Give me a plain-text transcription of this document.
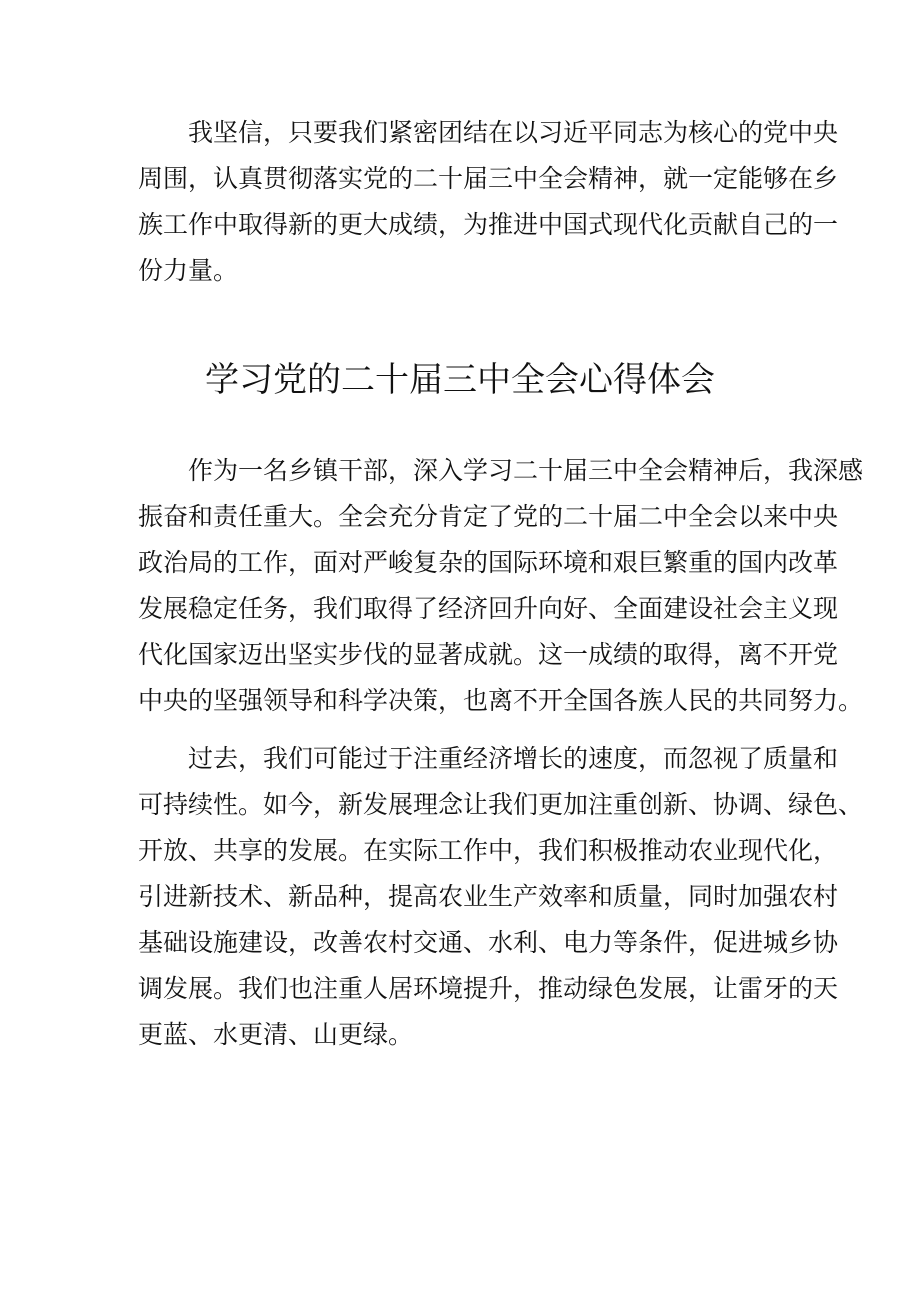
　　我坚信，只要我们紧密团结在以习近平同志为核心的党中央
周围，认真贯彻落实党的二十届三中全会精神，就一定能够在乡
族工作中取得新的更大成绩，为推进中国式现代化贡献自己的一
份力量。
学习党的二十届三中全会心得体会
　　作为一名乡镇干部，深入学习二十届三中全会精神后，我深感
振奋和责任重大。全会充分肯定了党的二十届二中全会以来中央
政治局的工作，面对严峻复杂的国际环境和艰巨繁重的国内改革
发展稳定任务，我们取得了经济回升向好、全面建设社会主义现
代化国家迈出坚实步伐的显著成就。这一成绩的取得，离不开党
中央的坚强领导和科学决策，也离不开全国各族人民的共同努力。
　　过去，我们可能过于注重经济增长的速度，而忽视了质量和
可持续性。如今，新发展理念让我们更加注重创新、协调、绿色、
开放、共享的发展。在实际工作中，我们积极推动农业现代化，
引进新技术、新品种，提高农业生产效率和质量，同时加强农村
基础设施建设，改善农村交通、水利、电力等条件，促进城乡协
调发展。我们也注重人居环境提升，推动绿色发展，让雷牙的天
更蓝、水更清、山更绿。
